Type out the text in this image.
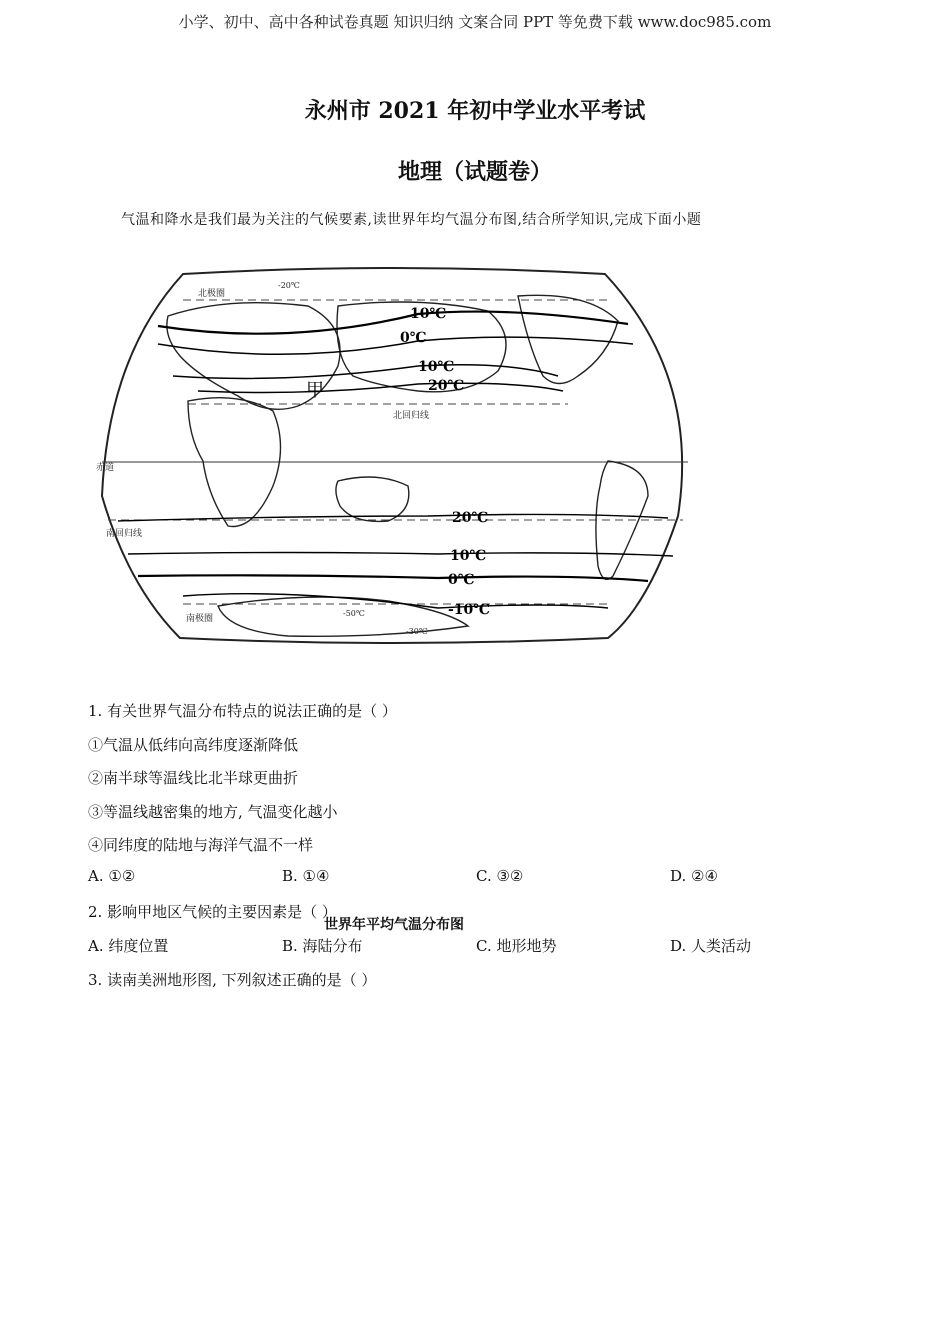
小学、初中、高中各种试卷真题 知识归纳 文案合同 PPT 等免费下载 www.doc985.com
永州市 2021 年初中学业水平考试
地理（试题卷）
气温和降水是我们最为关注的气候要素,读世界年均气温分布图,结合所学知识,完成下面小题
北极圈
北回归线
赤道
南回归线
南极圈
甲
10℃
0℃
10℃
20℃
20℃
10℃
0℃
-10℃
-50℃
-30℃
-20℃
世界年平均气温分布图
1. 有关世界气温分布特点的说法正确的是（ ）
①气温从低纬向高纬度逐渐降低
②南半球等温线比北半球更曲折
③等温线越密集的地方, 气温变化越小
④同纬度的陆地与海洋气温不一样
A. ①②	B. ①④	C. ③②	D. ②④
2. 影响甲地区气候的主要因素是（ ）
A. 纬度位置	B. 海陆分布	C. 地形地势	D. 人类活动
3. 读南美洲地形图, 下列叙述正确的是（ ）
